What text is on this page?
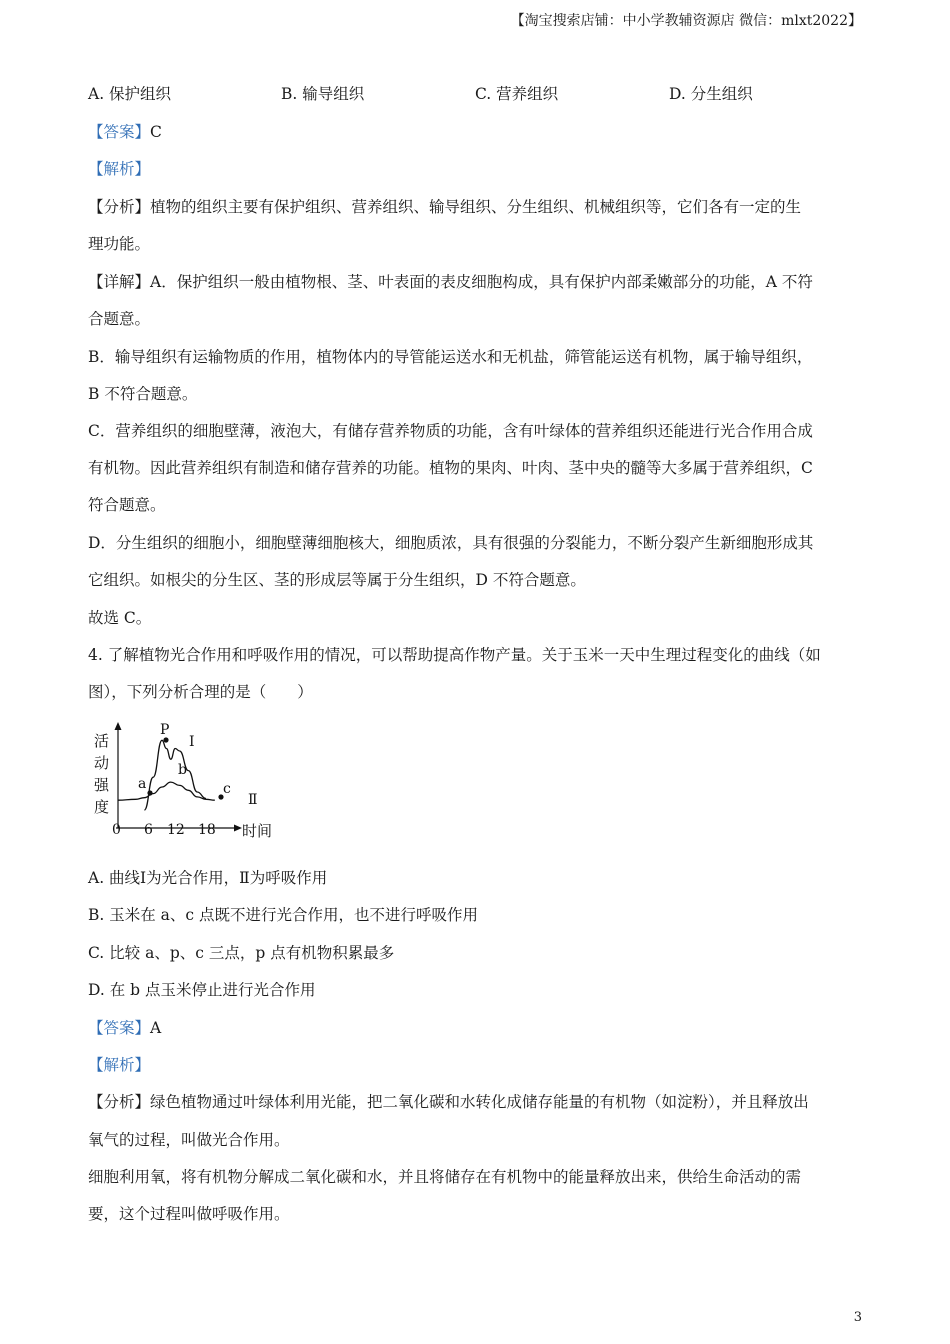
【淘宝搜索店铺：中小学教辅资源店 微信：mlxt2022】
A. 保护组织	B. 输导组织	C. 营养组织	D. 分生组织
【答案】C
【解析】
【分析】植物的组织主要有保护组织、营养组织、输导组织、分生组织、机械组织等，它们各有一定的生
理功能。
【详解】A．保护组织一般由植物根、茎、叶表面的表皮细胞构成，具有保护内部柔嫩部分的功能，A 不符
合题意。
B．输导组织有运输物质的作用，植物体内的导管能运送水和无机盐，筛管能运送有机物，属于输导组织，
B 不符合题意。
C．营养组织的细胞壁薄，液泡大，有储存营养物质的功能，含有叶绿体的营养组织还能进行光合作用合成
有机物。因此营养组织有制造和储存营养的功能。植物的果肉、叶肉、茎中央的髓等大多属于营养组织，C
符合题意。
D．分生组织的细胞小，细胞壁薄细胞核大，细胞质浓，具有很强的分裂能力，不断分裂产生新细胞形成其
它组织。如根尖的分生区、茎的形成层等属于分生组织，D 不符合题意。
故选 C。
4. 了解植物光合作用和呼吸作用的情况，可以帮助提高作物产量。关于玉米一天中生理过程变化的曲线（如
图），下列分析合理的是（　　）
活
动
强
度
0 6 12 18 时间
P
a
b
c
Ⅰ
Ⅱ
A. 曲线Ⅰ为光合作用，Ⅱ为呼吸作用
B. 玉米在 a、c 点既不进行光合作用，也不进行呼吸作用
C. 比较 a、p、c 三点，p 点有机物积累最多
D. 在 b 点玉米停止进行光合作用
【答案】A
【解析】
【分析】绿色植物通过叶绿体利用光能，把二氧化碳和水转化成储存能量的有机物（如淀粉），并且释放出
氧气的过程，叫做光合作用。
细胞利用氧，将有机物分解成二氧化碳和水，并且将储存在有机物中的能量释放出来，供给生命活动的需
要，这个过程叫做呼吸作用。
3
